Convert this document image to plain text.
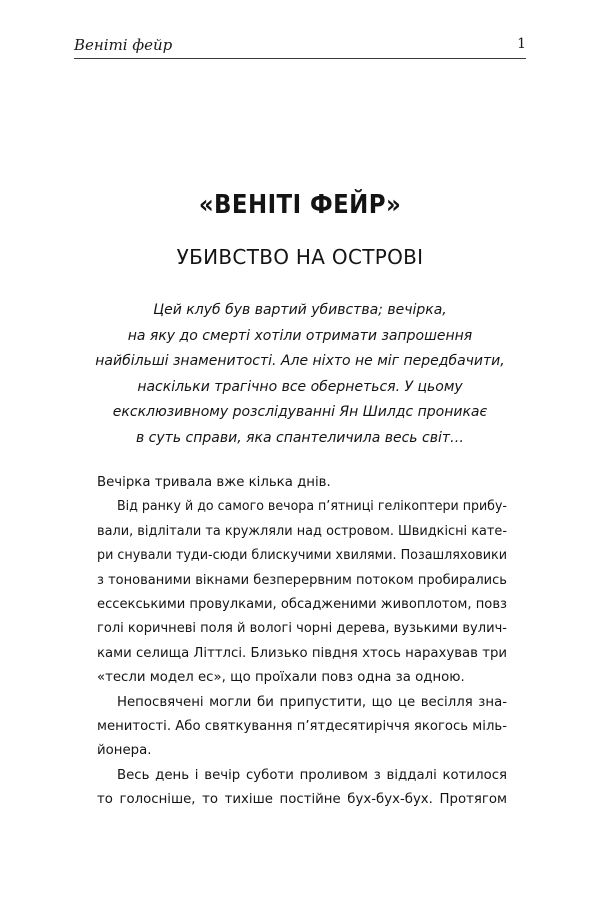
Веніті фейр	1
«ВЕНІТІ ФЕЙР»
УБИВСТВО НА ОСТРОВІ
Цей клуб був вартий убивства; вечірка,
на яку до смерті хотіли отримати запрошення
найбільші знаменитості. Але ніхто не міг передбачити,
наскільки трагічно все обернеться. У цьому
ексклюзивному розслідуванні Ян Шилдс проникає
в суть справи, яка спантеличила весь світ…
Вечірка тривала вже кілька днів.
Від ранку й до самого вечора п’ятниці гелікоптери прибу-
вали, відлітали та кружляли над островом. Швидкісні кате-
ри снували туди-сюди блискучими хвилями. Позашляховики
з тонованими вікнами безперервним потоком пробирались
ессекськими провулками, обсадженими живоплотом, повз
голі коричневі поля й вологі чорні дерева, вузькими вулич-
ками селища Літтлсі. Близько півдня хтось нарахував три
«тесли модел ес», що проїхали повз одна за одною.
Непосвячені могли би припустити, що це весілля зна-
менитості. Або святкування п’ятдесятиріччя якогось міль-
йонера.
Весь день і вечір суботи проливом з віддалі котилося
то голосніше, то тихіше постійне бух-бух-бух. Протягом
